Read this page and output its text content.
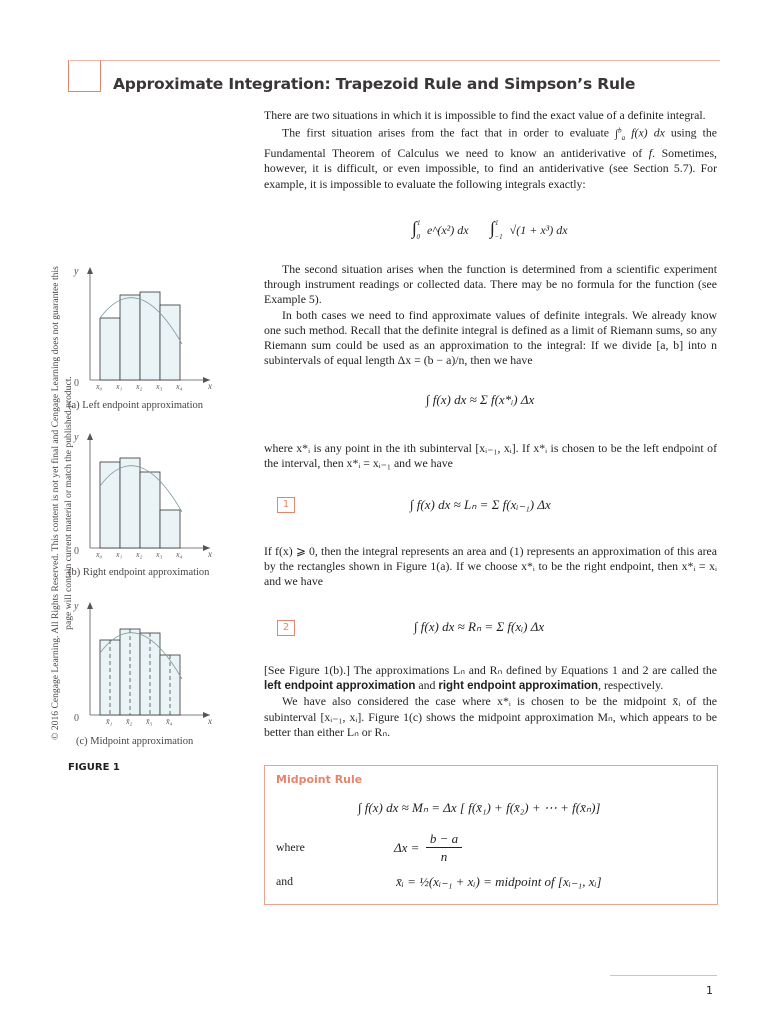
Approximate Integration: Trapezoid Rule and Simpson’s Rule
© 2016 Cengage Learning. All Rights Reserved. This content is not yet final and Cengage Learning does not guarantee this page will contain current material or match the published product.

There are two situations in which it is impossible to find the exact value of a definite integral.

The first situation arises from the fact that in order to evaluate ∫$^b_a$ f(x) dx using the Fundamental Theorem of Calculus we need to know an antiderivative of f. Sometimes, however, it is difficult, or even impossible, to find an antiderivative (see Section 5.7). For example, it is impossible to evaluate the following integrals exactly:

∫$^1_0$ e^(x²) dx ∫$^1_{-1}$ √(1 + x³) dx

The second situation arises when the function is determined from a scientific experiment through instrument readings or collected data. There may be no formula for the function (see Example 5).

In both cases we need to find approximate values of definite integrals. We already know one such method. Recall that the definite integral is defined as a limit of Riemann sums, so any Riemann sum could be used as an approximation to the integral: If we divide [a, b] into n subintervals of equal length Δx = (b − a)/n, then we have

∫ f(x) dx ≈ Σ f(x*ᵢ) Δx
where x*ᵢ is any point in the ith subinterval [xᵢ₋₁, xᵢ]. If x*ᵢ is chosen to be the left endpoint of the interval, then x*ᵢ = xᵢ₋₁ and we have
1	∫ f(x) dx ≈ Lₙ = Σ f(xᵢ₋₁) Δx
If f(x) ⩾ 0, then the integral represents an area and (1) represents an approximation of this area by the rectangles shown in Figure 1(a). If we choose x*ᵢ to be the right endpoint, then x*ᵢ = xᵢ and we have
2	∫ f(x) dx ≈ Rₙ = Σ f(xᵢ) Δx

[See Figure 1(b).] The approximations Lₙ and Rₙ defined by Equations 1 and 2 are called the left endpoint approximation and right endpoint approximation, respectively.

We have also considered the case where x*ᵢ is chosen to be the midpoint x̄ᵢ of the subinterval [xᵢ₋₁, xᵢ]. Figure 1(c) shows the midpoint approximation Mₙ, which appears to be better than either Lₙ or Rₙ.

y
0	x
x₀ x₁ x₂ x₃ x₄
(a) Left endpoint approximation
y
0	x
x₀ x₁ x₂ x₃ x₄
(b) Right endpoint approximation
y
0	x
x̄₁ x̄₂ x̄₃ x̄₄
(c) Midpoint approximation
FIGURE 1
Midpoint Rule
∫ f(x) dx ≈ Mₙ = Δx [ f(x̄₁) + f(x̄₂) + ⋯ + f(x̄ₙ)]
where	Δx =
b − a
n
and	x̄ᵢ = ½(xᵢ₋₁ + xᵢ) = midpoint of [xᵢ₋₁, xᵢ]
1
